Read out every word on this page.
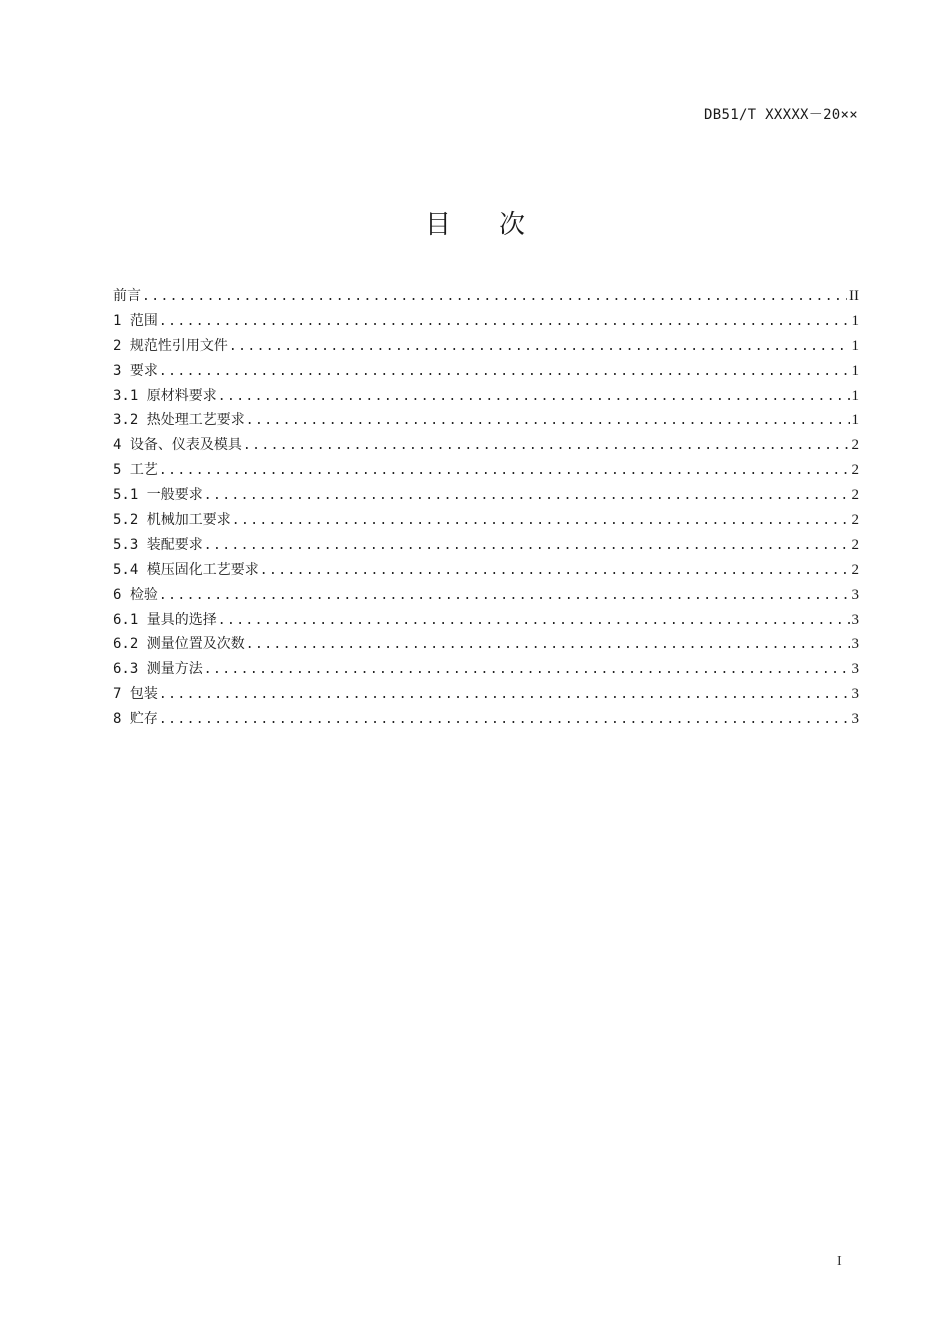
DB51/T XXXXX－20××
目次
前言 .....	II
1 范围 .....	1
2 规范性引用文件 .....	1
3 要求 .....	1
3.1 原材料要求 .....	1
3.2 热处理工艺要求 .....	1
4 设备、仪表及模具 .....	2
5 工艺 .....	2
5.1 一般要求 .....	2
5.2 机械加工要求 .....	2
5.3 装配要求 .....	2
5.4 模压固化工艺要求 .....	2
6 检验 .....	3
6.1 量具的选择 .....	3
6.2 测量位置及次数 .....	3
6.3 测量方法 .....	3
7 包装 .....	3
8 贮存 .....	3
I
